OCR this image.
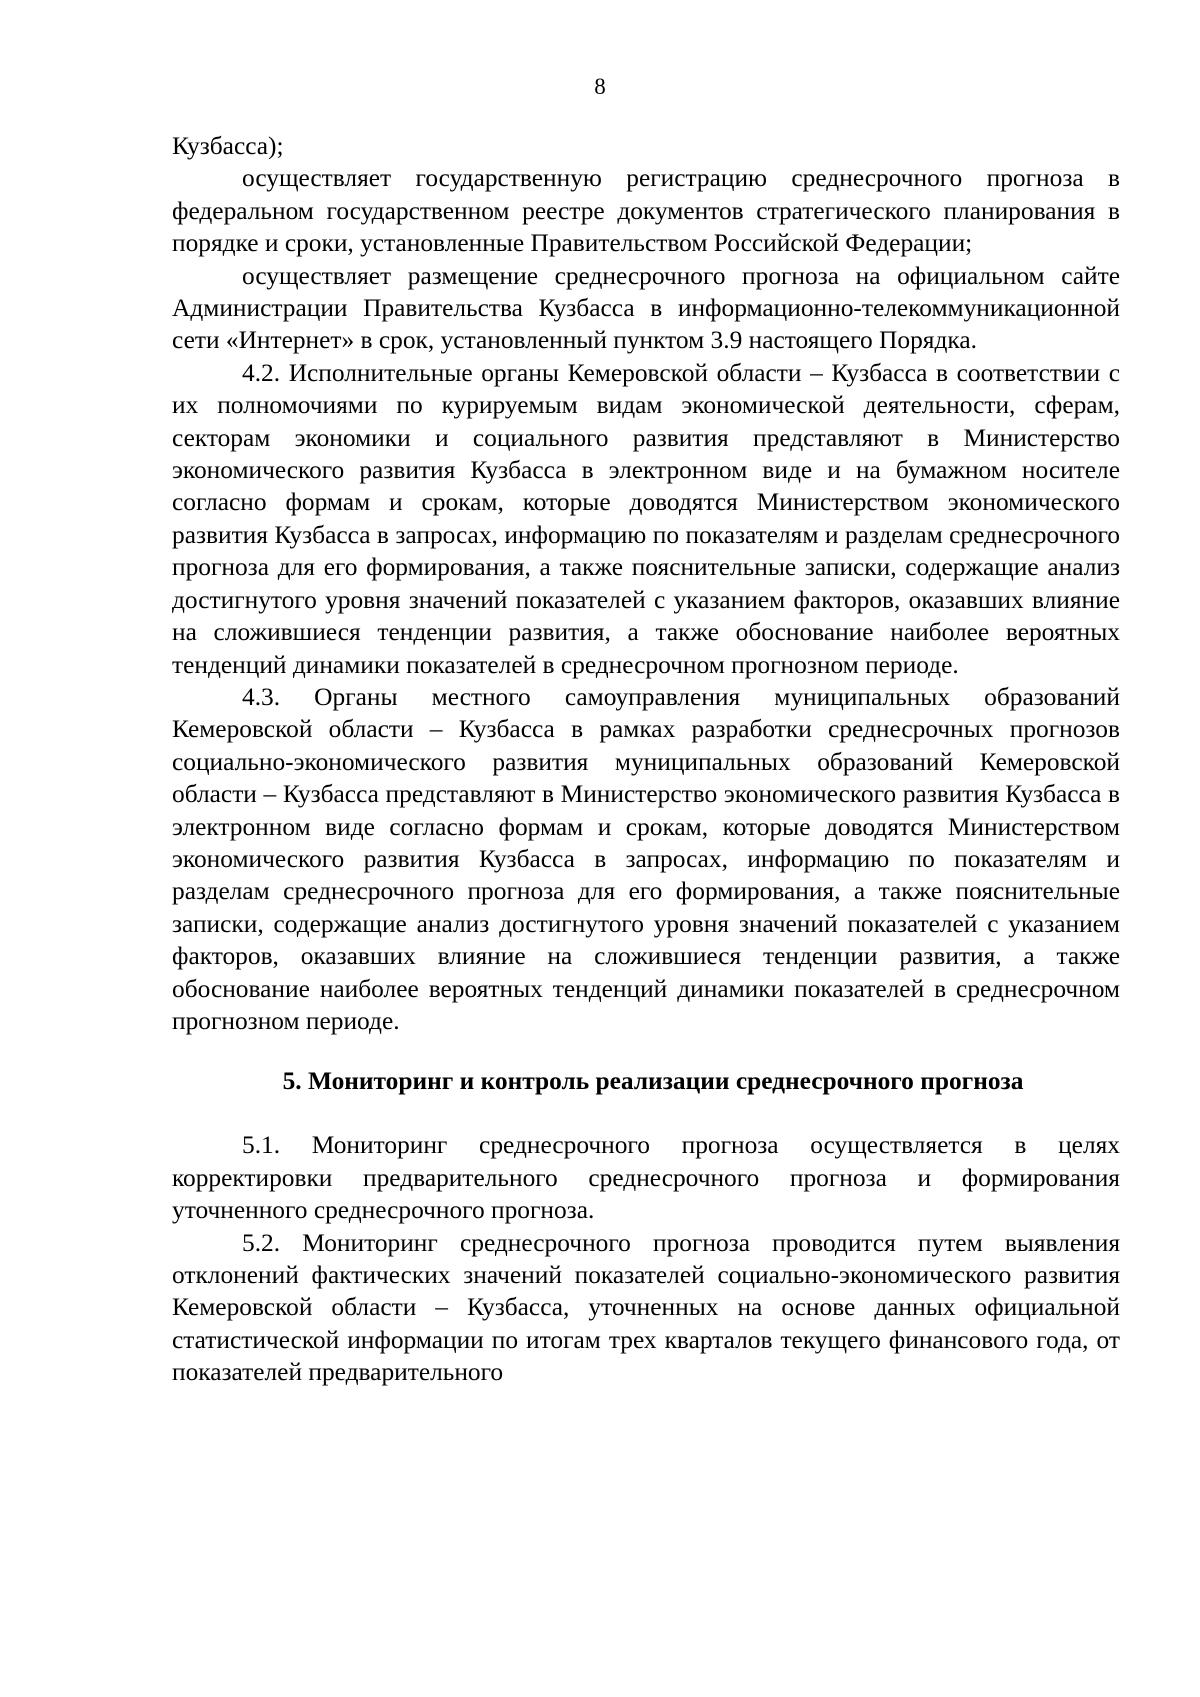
8

Кузбасса);

осуществляет государственную регистрацию среднесрочного прогноза в федеральном государственном реестре документов стратегического планирования в порядке и сроки, установленные Правительством Российской Федерации;

осуществляет размещение среднесрочного прогноза на официальном сайте Администрации Правительства Кузбасса в информационно-телекоммуникационной сети «Интернет» в срок, установленный пунктом 3.9 настоящего Порядка.

4.2. Исполнительные органы Кемеровской области – Кузбасса в соответствии с их полномочиями по курируемым видам экономической деятельности, сферам, секторам экономики и социального развития представляют в Министерство экономического развития Кузбасса в электронном виде и на бумажном носителе согласно формам и срокам, которые доводятся Министерством экономического развития Кузбасса в запросах, информацию по показателям и разделам среднесрочного прогноза для его формирования, а также пояснительные записки, содержащие анализ достигнутого уровня значений показателей с указанием факторов, оказавших влияние на сложившиеся тенденции развития, а также обоснование наиболее вероятных тенденций динамики показателей в среднесрочном прогнозном периоде.

4.3. Органы местного самоуправления муниципальных образований Кемеровской области – Кузбасса в рамках разработки среднесрочных прогнозов социально-экономического развития муниципальных образований Кемеровской области – Кузбасса представляют в Министерство экономического развития Кузбасса в электронном виде согласно формам и срокам, которые доводятся Министерством экономического развития Кузбасса в запросах, информацию по показателям и разделам среднесрочного прогноза для его формирования, а также пояснительные записки, содержащие анализ достигнутого уровня значений показателей с указанием факторов, оказавших влияние на сложившиеся тенденции развития, а также обоснование наиболее вероятных тенденций динамики показателей в среднесрочном прогнозном периоде.

5. Мониторинг и контроль реализации среднесрочного прогноза

5.1. Мониторинг среднесрочного прогноза осуществляется в целях корректировки предварительного среднесрочного прогноза и формирования уточненного среднесрочного прогноза.

5.2. Мониторинг среднесрочного прогноза проводится путем выявления отклонений фактических значений показателей социально-экономического развития Кемеровской области – Кузбасса, уточненных на основе данных официальной статистической информации по итогам трех кварталов текущего финансового года, от показателей предварительного
